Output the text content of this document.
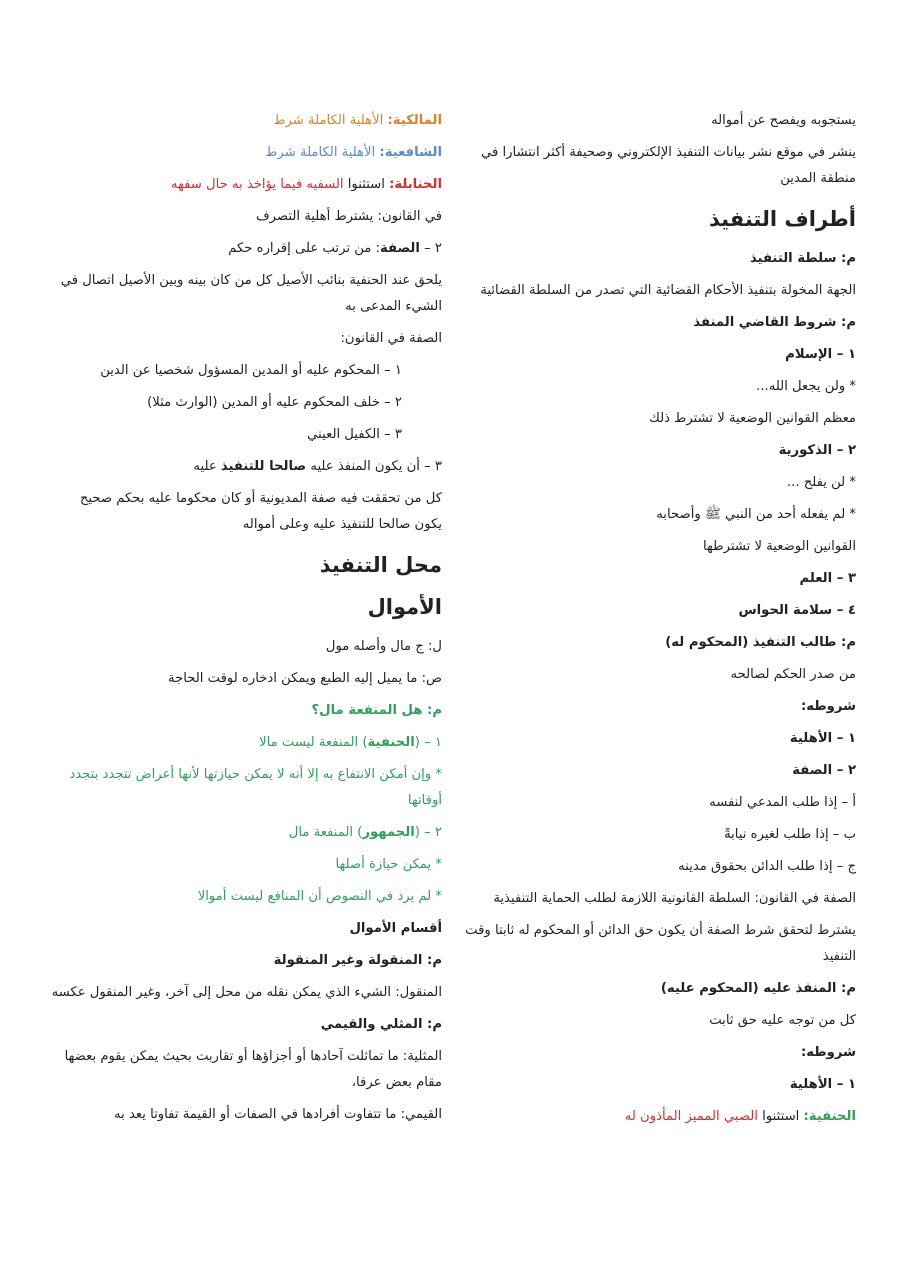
يستجوبه ويفصح عن أمواله

ينشر في موقع نشر بيانات التنفيذ الإلكتروني وصحيفة أكثر انتشارا في منطقة المدين

أطراف التنفيذ

م: سلطة التنفيذ

الجهة المخولة بتنفيذ الأحكام القضائية التي تصدر من السلطة القضائية

م: شروط القاضي المنفذ

١ – الإسلام

* ولن يجعل الله...

معظم القوانين الوضعية لا تشترط ذلك

٢ – الذكورية

* لن يفلح ...

* لم يفعله أحد من النبي ﷺ وأصحابه

القوانين الوضعية لا تشترطها

٣ – العلم

٤ – سلامة الحواس

م: طالب التنفيذ (المحكوم له)

من صدر الحكم لصالحه

شروطه:

١ – الأهلية

٢ – الصفة

أ – إذا طلب المدعي لنفسه

ب – إذا طلب لغيره نيابةً

ج – إذا طلب الدائن بحقوق مدينه

الصفة في القانون: السلطة القانونية اللازمة لطلب الحماية التنفيذية

يشترط لتحقق شرط الصفة أن يكون حق الدائن أو المحكوم له ثابتا وقت التنفيذ

م: المنفذ عليه (المحكوم عليه)

كل من توجه عليه حق ثابت

شروطه:

١ – الأهلية

الحنفية: استثنوا الصبي المميز المأذون له

المالكية: الأهلية الكاملة شرط

الشافعية: الأهلية الكاملة شرط

الحنابلة: استثنوا السفيه فيما يؤاخذ به حال سفهه

في القانون: يشترط أهلية التصرف

٢ – الصفة: من ترتب على إقراره حكم

يلحق عند الحنفية بنائب الأصيل كل من كان بينه وبين الأصيل اتصال في الشيء المدعى به

الصفة في القانون:

١ – المحكوم عليه أو المدين المسؤول شخصيا عن الدين

٢ – خلف المحكوم عليه أو المدين (الوارث مثلا)

٣ – الكفيل العيني

٣ – أن يكون المنفذ عليه صالحا للتنفيذ عليه

كل من تحققت فيه صفة المديونية أو كان محكوما عليه بحكم صحيح يكون صالحا للتنفيذ عليه وعلى أمواله

محل التنفيذ

الأموال

ل: ج مال وأصله مول

ص: ما يميل إليه الطبع ويمكن ادخاره لوقت الحاجة

م: هل المنفعة مال؟

١ – (الحنفية) المنفعة ليست مالا

* وإن أمكن الانتفاع به إلا أنه لا يمكن حيازتها لأنها أعراض تتجدد بتجدد أوقاتها

٢ – (الجمهور) المنفعة مال

* يمكن حيازة أصلها

* لم يرد في النصوص أن المنافع ليست أموالا

أقسام الأموال

م: المنقولة وغير المنقولة

المنقول: الشيء الذي يمكن نقله من محل إلى آخر، وغير المنقول عكسه

م: المثلي والقيمي

المثلية: ما تماثلت آحادها أو أجزاؤها أو تقاربت بحيث يمكن يقوم بعضها مقام بعض عرفا،

القيمي: ما تتفاوت أفرادها في الصفات أو القيمة تفاوتا يعد به
